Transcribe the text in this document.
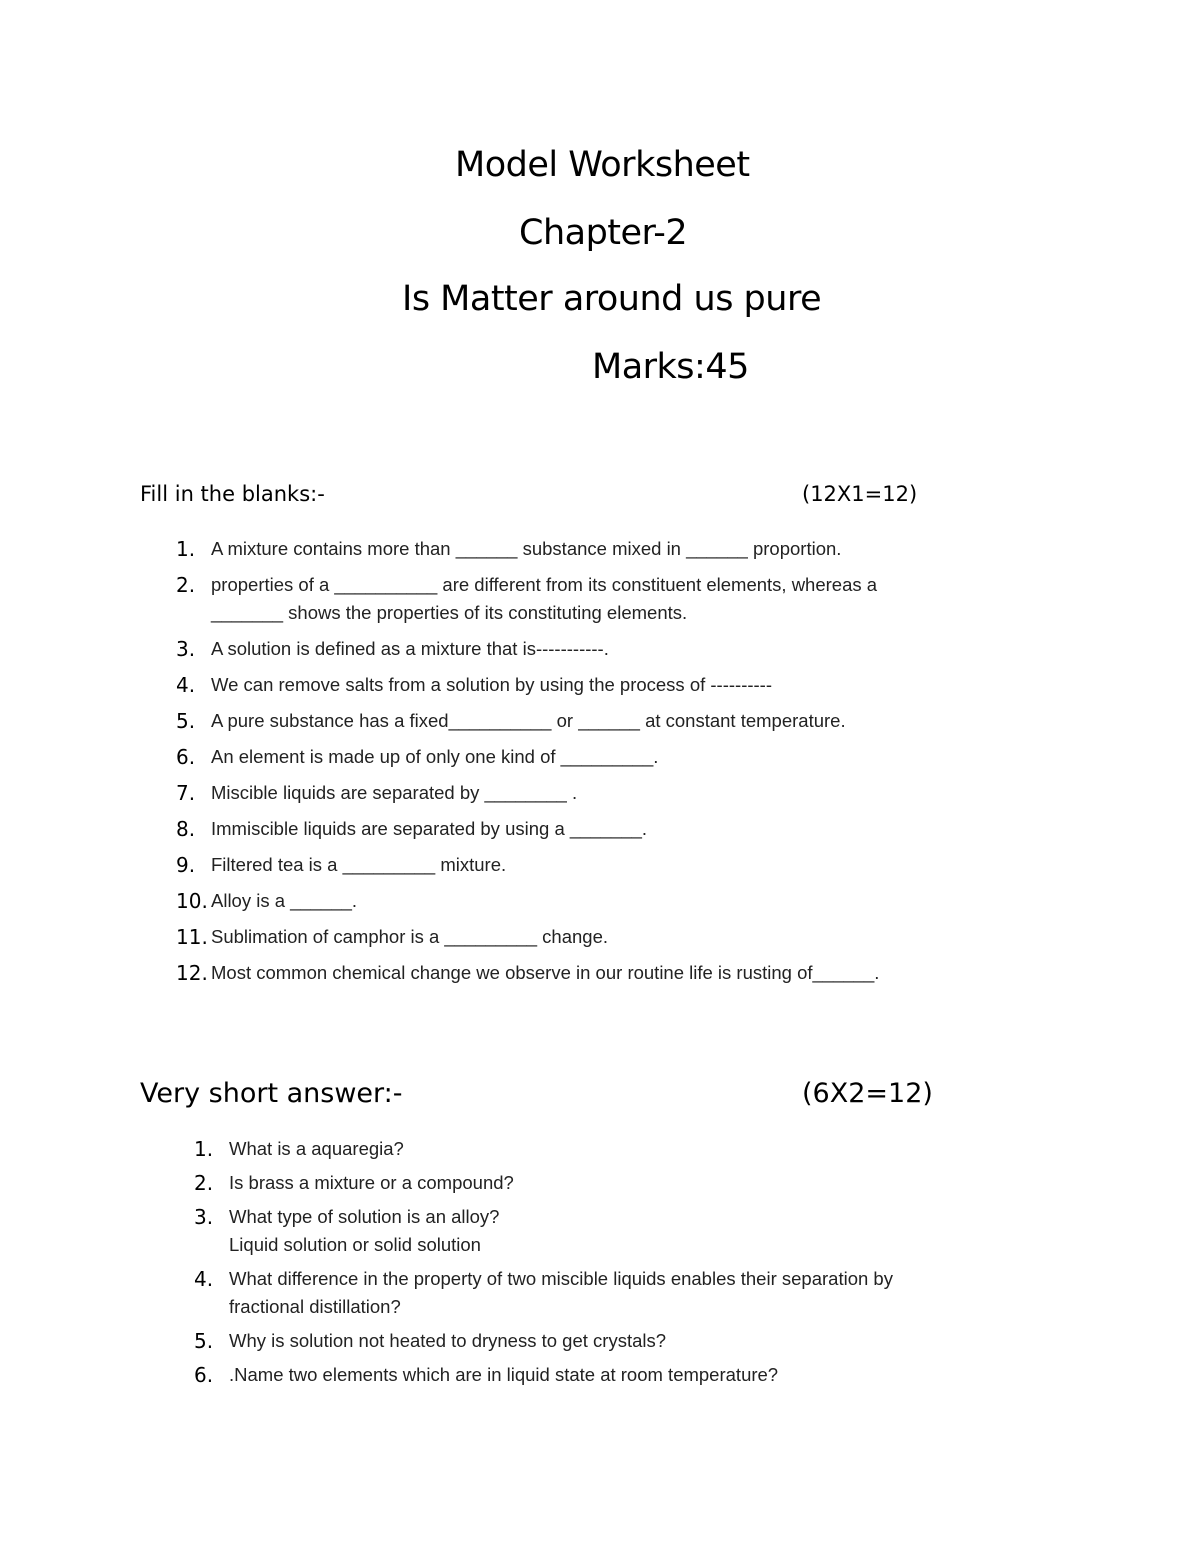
Model Worksheet
Chapter-2
Is Matter around us pure
Marks:45
Fill in the blanks:-	(12X1=12)
1. A mixture contains more than ______ substance mixed in ______ proportion.
2. properties of a __________ are different from its constituent elements, whereas a
_______ shows the properties of its constituting elements.
3. A solution is defined as a mixture that is-----------.
4. We can remove salts from a solution by using the process of ----------
5. A pure substance has a fixed__________ or ______ at constant temperature.
6. An element is made up of only one kind of _________.
7. Miscible liquids are separated by ________ .
8. Immiscible liquids are separated by using a _______.
9. Filtered tea is a _________ mixture.
10. Alloy is a ______.
11. Sublimation of camphor is a _________ change.
12. Most common chemical change we observe in our routine life is rusting of______.
Very short answer:-	(6X2=12)
1. What is a aquaregia?
2. Is brass a mixture or a compound?
3. What type of solution is an alloy?
Liquid solution or solid solution
4. What difference in the property of two miscible liquids enables their separation by
fractional distillation?
5. Why is solution not heated to dryness to get crystals?
6. .Name two elements which are in liquid state at room temperature?
